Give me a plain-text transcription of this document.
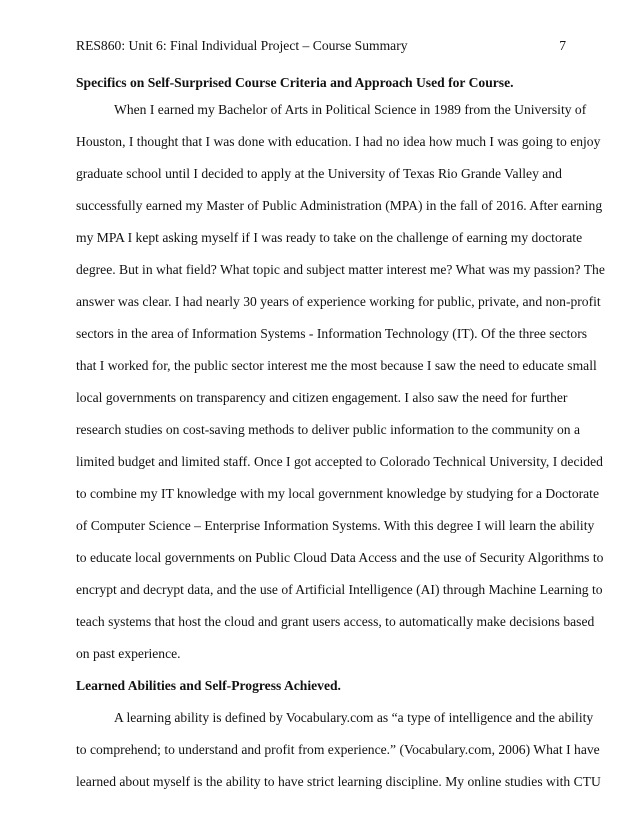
RES860: Unit 6: Final Individual Project – Course Summary	7
Specifics on Self-Surprised Course Criteria and Approach Used for Course.
When I earned my Bachelor of Arts in Political Science in 1989 from the University of
Houston, I thought that I was done with education. I had no idea how much I was going to enjoy
graduate school until I decided to apply at the University of Texas Rio Grande Valley and
successfully earned my Master of Public Administration (MPA) in the fall of 2016. After earning
my MPA I kept asking myself if I was ready to take on the challenge of earning my doctorate
degree. But in what field? What topic and subject matter interest me? What was my passion? The
answer was clear. I had nearly 30 years of experience working for public, private, and non-profit
sectors in the area of Information Systems - Information Technology (IT). Of the three sectors
that I worked for, the public sector interest me the most because I saw the need to educate small
local governments on transparency and citizen engagement. I also saw the need for further
research studies on cost-saving methods to deliver public information to the community on a
limited budget and limited staff. Once I got accepted to Colorado Technical University, I decided
to combine my IT knowledge with my local government knowledge by studying for a Doctorate
of Computer Science – Enterprise Information Systems. With this degree I will learn the ability
to educate local governments on Public Cloud Data Access and the use of Security Algorithms to
encrypt and decrypt data, and the use of Artificial Intelligence (AI) through Machine Learning to
teach systems that host the cloud and grant users access, to automatically make decisions based
on past experience.
Learned Abilities and Self-Progress Achieved.
A learning ability is defined by Vocabulary.com as “a type of intelligence and the ability
to comprehend; to understand and profit from experience.” (Vocabulary.com, 2006) What I have
learned about myself is the ability to have strict learning discipline. My online studies with CTU
